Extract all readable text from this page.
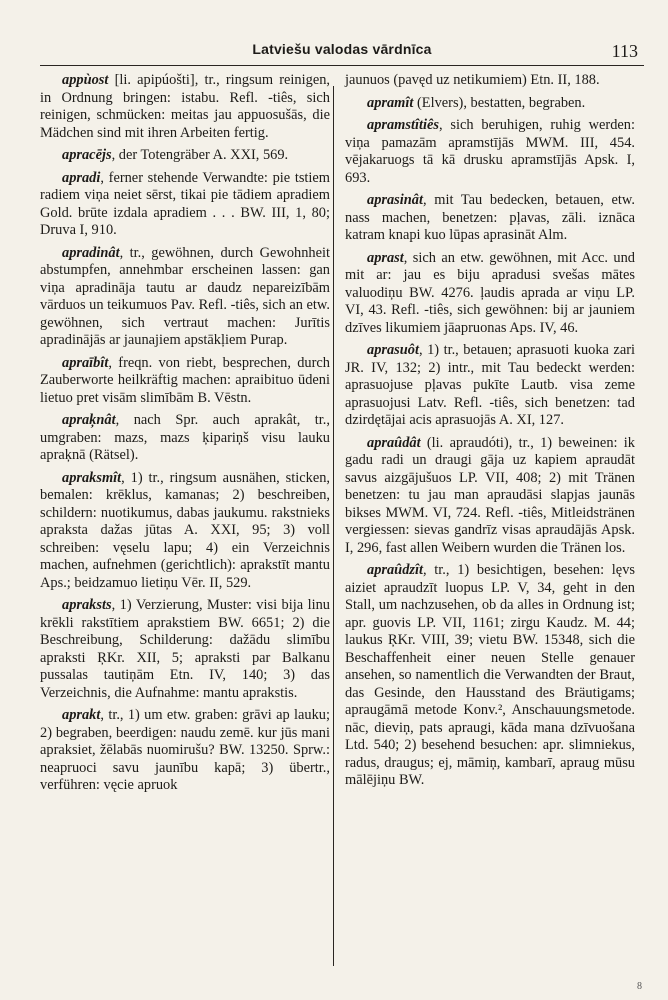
Latviešu valodas vārdnīca	113

appùost [li. apipúošti], tr., ringsum reinigen, in Ordnung bringen: istabu. Refl. -tiês, sich reinigen, schmücken: meitas jau appuosušās, die Mädchen sind mit ihren Arbeiten fertig.

apracējs, der Totengräber A. XXI, 569.

apradi, ferner stehende Verwandte: pie tstiem radiem viņa neiet sērst, tikai pie tādiem apradiem Gold. brūte izdala apradiem . . . BW. III, 1, 80; Druva I, 910.

apradinât, tr., gewöhnen, durch Gewohnheit abstumpfen, annehmbar erscheinen lassen: gan viņa apradināja tautu ar daudz nepareizībām vārduos un teikumuos Pav. Refl. -tiês, sich an etw. gewöhnen, sich vertraut machen: Jurītis apradinājās ar jaunajiem apstākļiem Purap.

apraībît, freqn. von riebt, besprechen, durch Zauberworte heilkräftig machen: apraibituo ūdeni lietuo pret visām slimībām B. Vēstn.

apraķnât, nach Spr. auch aprakât, tr., umgraben: mazs, mazs ķipariņš visu lauku apraķnā (Rätsel).

apraksтît, 1) tr., ringsum ausnähen, sticken, bemalen: krēklus, kamanas; 2) beschreiben, schildern: nuotikumus, dabas jaukumu. rakstnieks apraksta dažas jūtas A. XXI, 95; 3) voll schreiben: vęselu lapu; 4) ein Verzeichnis machen, aufnehmen (gerichtlich): aprakstīt mantu Aps.; beidzamuo lietiņu Vēr. II, 529.

apraksts, 1) Verzierung, Muster: visi bija linu krēkli rakstītiem aprakstiem BW. 6651; 2) die Beschreibung, Schilderung: dažādu slimību apraksti ŖKr. XII, 5; apraksti par Balkanu pussalas tautiņām Etn. IV, 140; 3) das Verzeichnis, die Aufnahme: mantu aprakstis.

aprakt, tr., 1) um etw. graben: grāvi ap lauku; 2) begraben, beerdigen: naudu zemē. kur jūs mani apraksiet, žēlabās nuomirušu? BW. 13250. Sprw.: neapruoci savu jaunību kapā; 3) übertr., verführen: vęcie apruok

jaunuos (pavęd uz netikumiem) Etn. II, 188.

apramît (Elvers), bestatten, begraben.

apramstîtiês, sich beruhigen, ruhig werden: viņa pamazām apramstījās MWM. III, 454. vējakaruogs tā kā drusku apramstījās Apsk. I, 693.

aprasinât, mit Tau bedecken, betauen, etw. nass machen, benetzen: pļavas, zāli. iznāca katram knapi kuo lūpas aprasināt Alm.

aprast, sich an etw. gewöhnen, mit Acc. und mit ar: jau es biju apradusi svešas mātes valuodiņu BW. 4276. ļaudis aprada ar viņu LP. VI, 43. Refl. -tiês, sich gewöhnen: bij ar jauniem dzīves likumiem jāapruonas Aps. IV, 46.

aprasuôt, 1) tr., betauen; aprasuoti kuoka zari JR. IV, 132; 2) intr., mit Tau bedeckt werden: aprasuojuse pļavas pukīte Lautb. visa zeme aprasuojusi Latv. Refl. -tiês, sich benetzen: tad dzirdętājai acis aprasuojās A. XI, 127.

apraûdât (li. apraudóti), tr., 1) beweinen: ik gadu radi un draugi gāja uz kapiem apraudāt savus aizgājušuos LP. VII, 408; 2) mit Tränen benetzen: tu jau man apraudāsi slapjas jaunās bikses MWM. VI, 724. Refl. -tiês, Mitleidstränen vergiessen: sievas gandrīz visas apraudājās Apsk. I, 296, fast allen Weibern wurden die Tränen los.

apraûdzît, tr., 1) besichtigen, besehen: lęvs aiziet apraudzīt luopus LP. V, 34, geht in den Stall, um nachzusehen, ob da alles in Ordnung ist; apr. guovis LP. VII, 1161; zirgu Kaudz. M. 44; laukus ŖKr. VIII, 39; vietu BW. 15348, sich die Beschaffenheit einer neuen Stelle genauer ansehen, so namentlich die Verwandten der Braut, das Gesinde, den Hausstand des Bräutigams; apraugāmā metode Konv.², Anschauungsmetode. nāc, dieviņ, pats apraugi, kāda mana dzīvuošana Ltd. 540; 2) besehend besuchen: apr. slimniekus, radus, draugus; ej, māmiņ, kambarī, apraug mūsu mālējiņu BW.

8
